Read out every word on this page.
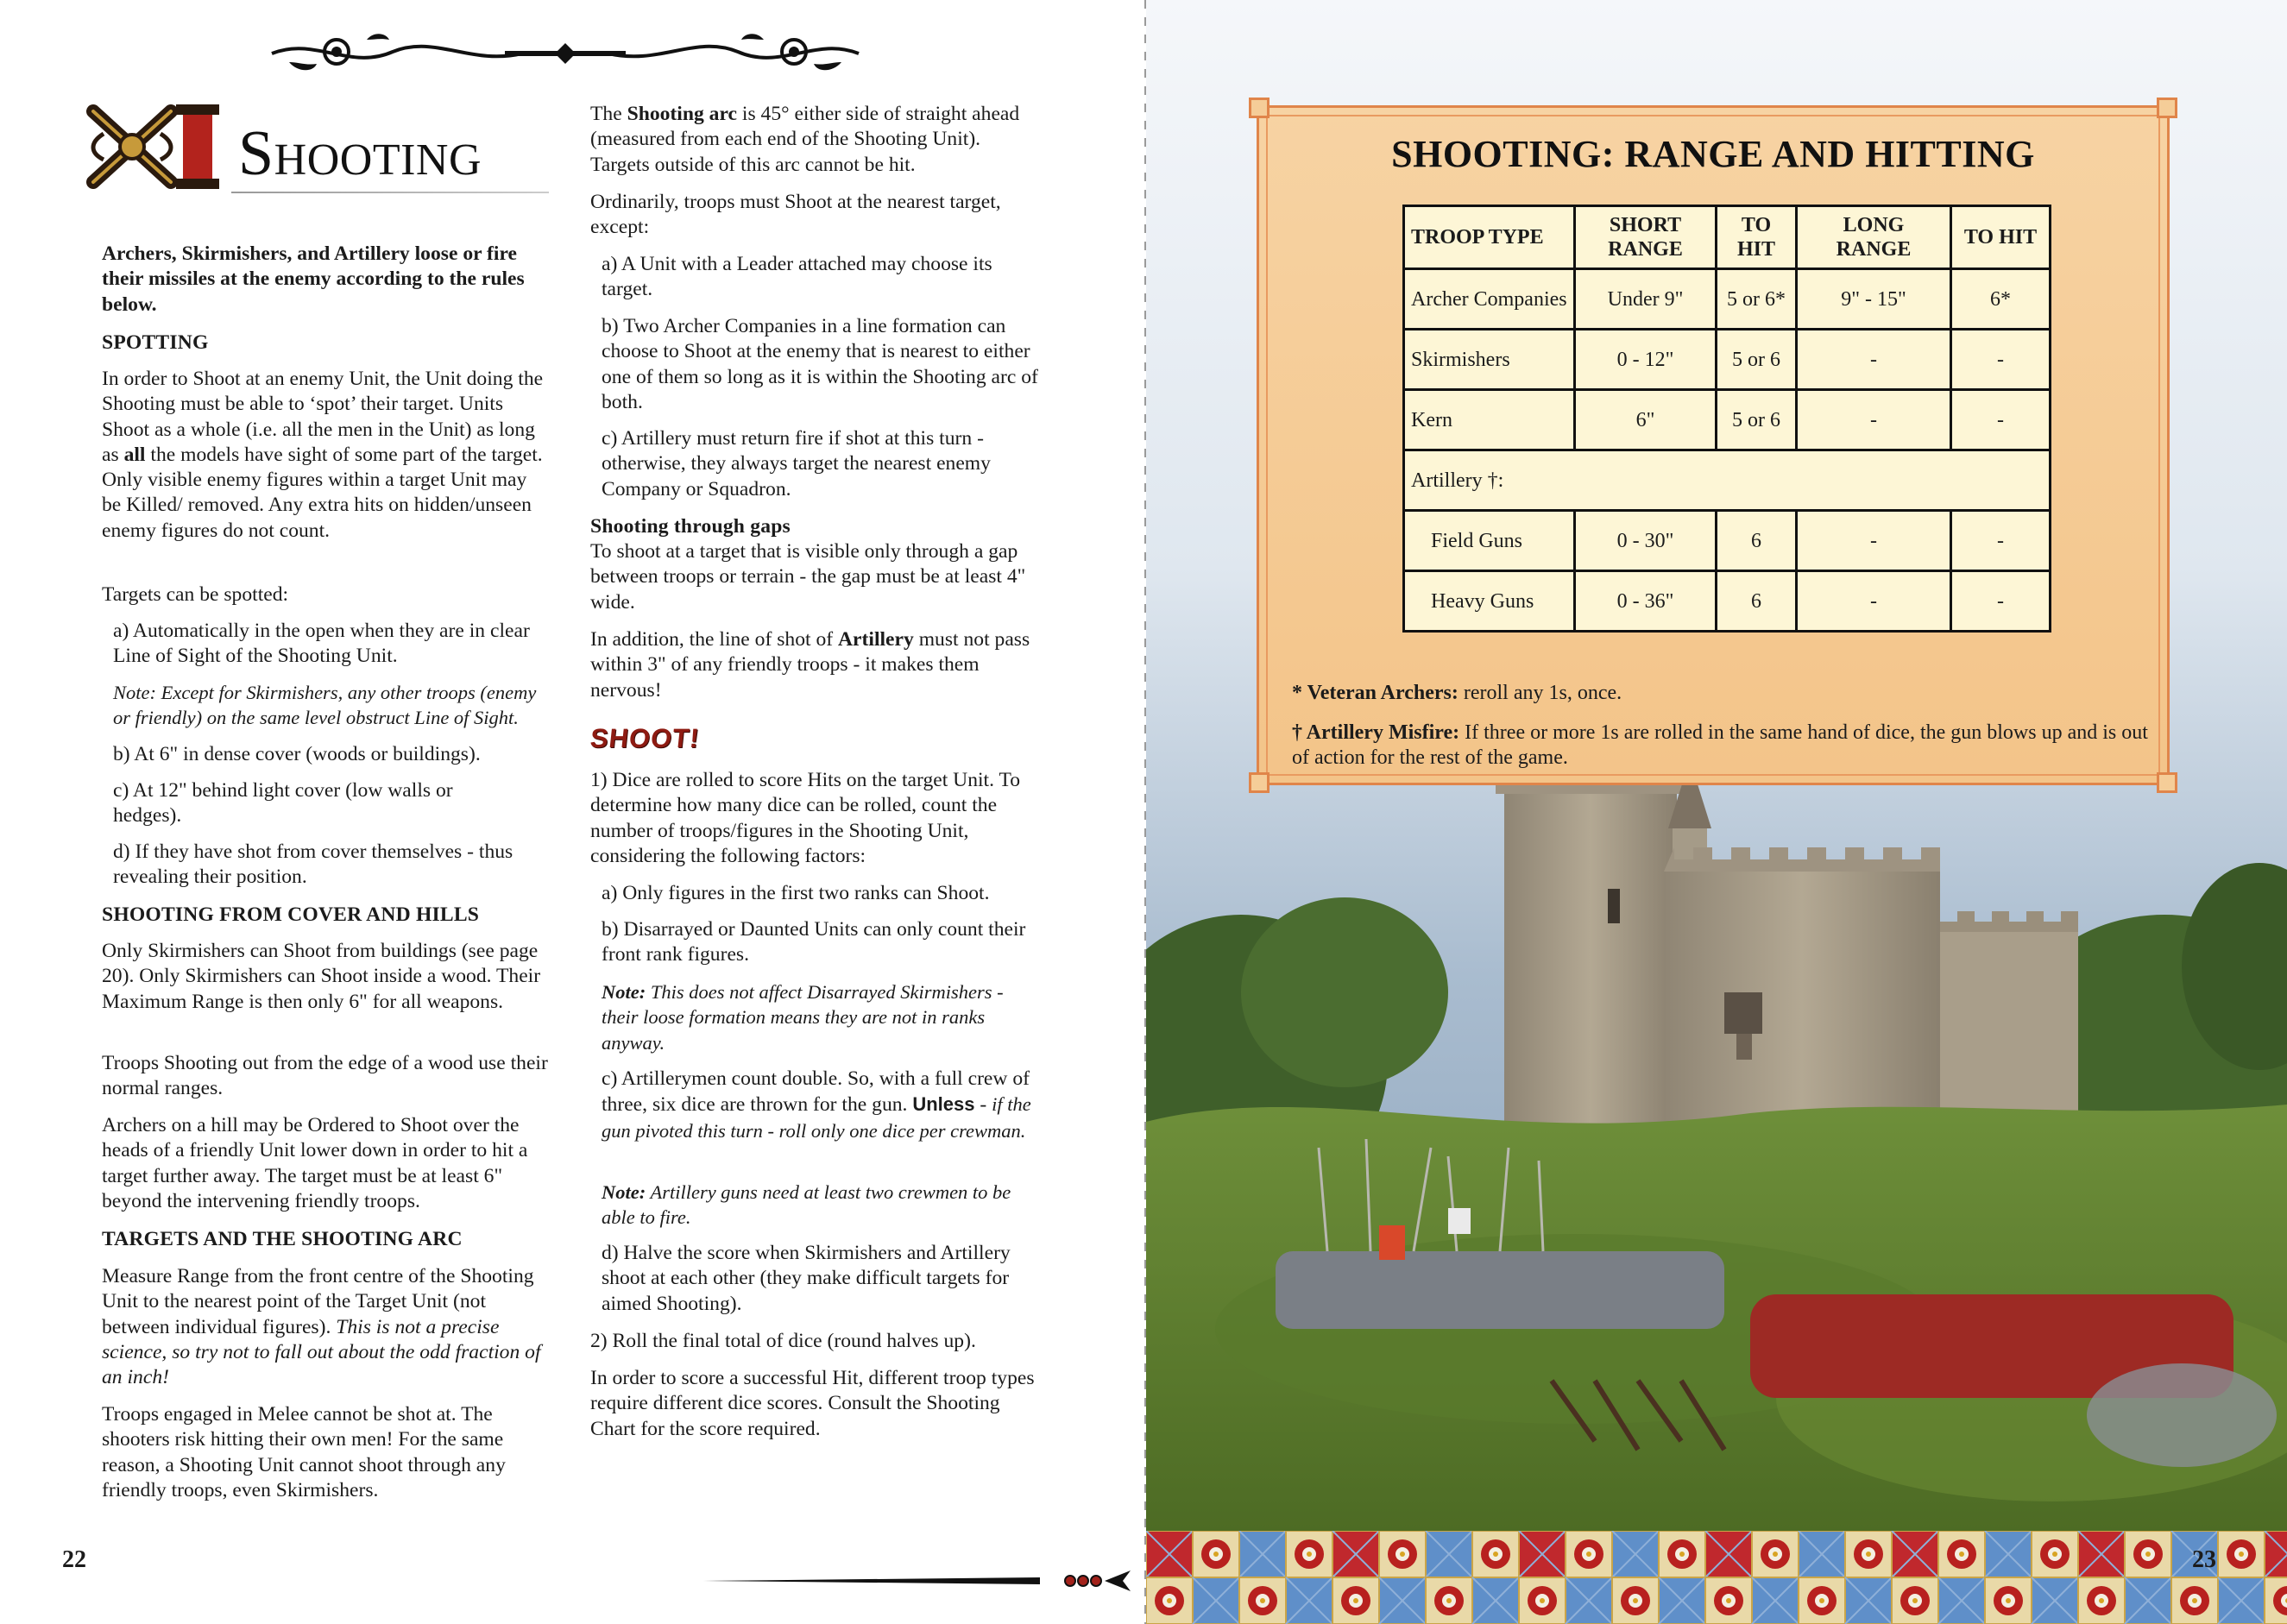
Shooting

Archers, Skirmishers, and Artillery loose or fire their missiles at the enemy according to the rules below.

SPOTTING

In order to Shoot at an enemy Unit, the Unit doing the Shooting must be able to ‘spot’ their target. Units Shoot as a whole (i.e. all the men in the Unit) as long as all the models have sight of some part of the target. Only visible enemy figures within a target Unit may be Killed/ removed. Any extra hits on hidden/unseen enemy figures do not count.

Targets can be spotted:

a) Automatically in the open when they are in clear Line of Sight of the Shooting Unit.

Note: Except for Skirmishers, any other troops (enemy or friendly) on the same level obstruct Line of Sight.

b) At 6" in dense cover (woods or buildings).

c) At 12" behind light cover (low walls or hedges).

d) If they have shot from cover themselves - thus revealing their position.

SHOOTING FROM COVER AND HILLS

Only Skirmishers can Shoot from buildings (see page 20). Only Skirmishers can Shoot inside a wood. Their Maximum Range is then only 6" for all weapons.

Troops Shooting out from the edge of a wood use their normal ranges.

Archers on a hill may be Ordered to Shoot over the heads of a friendly Unit lower down in order to hit a target further away. The target must be at least 6" beyond the intervening friendly troops.

TARGETS AND THE SHOOTING ARC

Measure Range from the front centre of the Shooting Unit to the nearest point of the Target Unit (not between individual figures). This is not a precise science, so try not to fall out about the odd fraction of an inch!

Troops engaged in Melee cannot be shot at. The shooters risk hitting their own men! For the same reason, a Shooting Unit cannot shoot through any friendly troops, even Skirmishers.

The Shooting arc is 45° either side of straight ahead (measured from each end of the Shooting Unit). Targets outside of this arc cannot be hit.

Ordinarily, troops must Shoot at the nearest target, except:

a) A Unit with a Leader attached may choose its target.

b) Two Archer Companies in a line formation can choose to Shoot at the enemy that is nearest to either one of them so long as it is within the Shooting arc of both.

c) Artillery must return fire if shot at this turn - otherwise, they always target the nearest enemy Company or Squadron.

Shooting through gaps

To shoot at a target that is visible only through a gap between troops or terrain - the gap must be at least 4" wide.

In addition, the line of shot of Artillery must not pass within 3" of any friendly troops - it makes them nervous!

SHOOT!

1) Dice are rolled to score Hits on the target Unit. To determine how many dice can be rolled, count the number of troops/figures in the Shooting Unit, considering the following factors:

a) Only figures in the first two ranks can Shoot.

b) Disarrayed or Daunted Units can only count their front rank figures.

Note: This does not affect Disarrayed Skirmishers - their loose formation means they are not in ranks anyway.

c) Artillerymen count double. So, with a full crew of three, six dice are thrown for the gun. Unless - if the gun pivoted this turn - roll only one dice per crewman.

Note: Artillery guns need at least two crewmen to be able to fire.

d) Halve the score when Skirmishers and Artillery shoot at each other (they make difficult targets for aimed Shooting).

2) Roll the final total of dice (round halves up).

In order to score a successful Hit, different troop types require different dice scores. Consult the Shooting Chart for the score required.

22
SHOOTING: RANGE AND HITTING
TROOP TYPE	SHORT RANGE	TO HIT	LONG RANGE	TO HIT
Archer Companies	Under 9"	5 or 6*	9" - 15"	6*
Skirmishers	0 - 12"	5 or 6	-	-
Kern	6"	5 or 6	-	-
Artillery †:				
Field Guns	0 - 30"	6	-	-
Heavy Guns	0 - 36"	6	-	-

* Veteran Archers: reroll any 1s, once.

† Artillery Misfire: If three or more 1s are rolled in the same hand of dice, the gun blows up and is out of action for the rest of the game.

23
